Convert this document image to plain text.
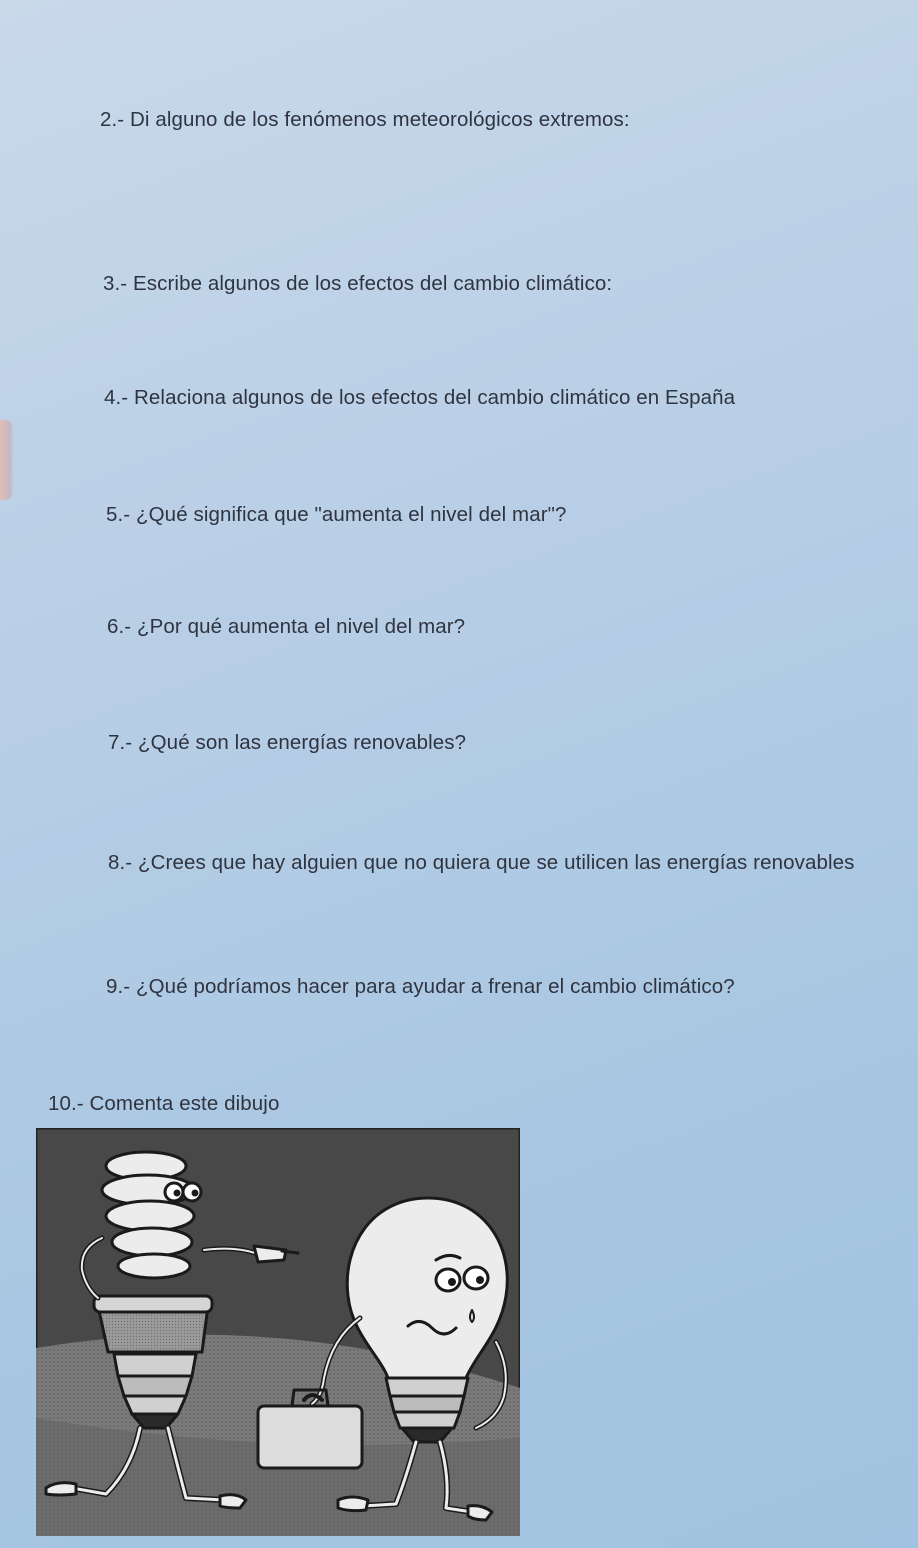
2.- Di alguno de los fenómenos meteorológicos extremos:

3.- Escribe algunos de los efectos del cambio climático:

4.- Relaciona algunos de los efectos del cambio climático en España

5.- ¿Qué significa que "aumenta el nivel del mar"?

6.- ¿Por qué aumenta el nivel del mar?

7.- ¿Qué son las energías renovables?

8.- ¿Crees que hay alguien que no quiera que se utilicen las energías renovables

9.- ¿Qué podríamos hacer para ayudar a frenar el cambio climático?

10.- Comenta este dibujo
